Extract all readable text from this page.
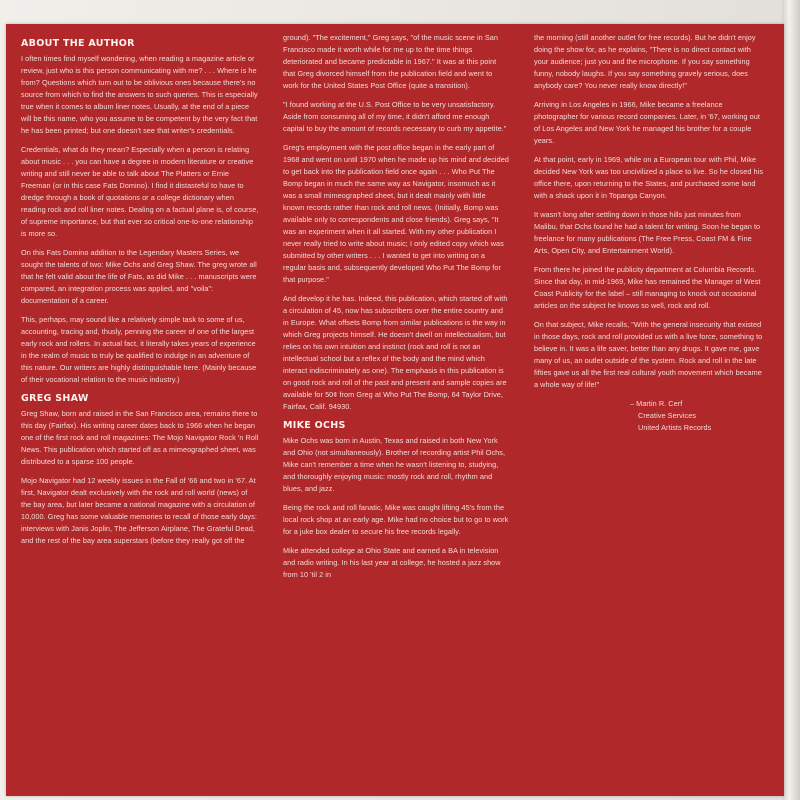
ABOUT THE AUTHOR

I often times find myself wondering, when reading a magazine article or review, just who is this person communicating with me? . . . Where is he from? Questions which turn out to be oblivious ones because there's no source from which to find the answers to such queries. This is especially true when it comes to album liner notes. Usually, at the end of a piece will be this name, who you assume to be competent by the very fact that he has been printed; but one doesn't see that writer's credentials.

Credentials, what do they mean? Especially when a person is relating about music . . . you can have a degree in modern literature or creative writing and still never be able to talk about The Platters or Ernie Freeman (or in this case Fats Domino). I find it distasteful to have to dredge through a book of quotations or a college dictionary when reading rock and roll liner notes. Dealing on a factual plane is, of course, of supreme importance, but that ever so critical one-to-one relationship is more so.

On this Fats Domino addition to the Legendary Masters Series, we sought the talents of two: Mike Ochs and Greg Shaw. The greg wrote all that he felt valid about the life of Fats, as did Mike . . . manuscripts were compared, an integration process was applied, and "voila": documentation of a career.

This, perhaps, may sound like a relatively simple task to some of us, accounting, tracing and, thusly, penning the career of one of the largest early rock and rollers. In actual fact, it literally takes years of experience in the realm of music to truly be qualified to indulge in an adventure of this nature. Our writers are highly distinguishable here. (Mainly because of their vocational relation to the music industry.)

GREG SHAW

Greg Shaw, born and raised in the San Francisco area, remains there to this day (Fairfax). His writing career dates back to 1966 when he began one of the first rock and roll magazines: The Mojo Navigator Rock 'n Roll News. This publication which started off as a mimeographed sheet, was distributed to a sparse 100 people.

Mojo Navigator had 12 weekly issues in the Fall of '66 and two in '67. At first, Navigator dealt exclusively with the rock and roll world (news) of the bay area, but later became a national magazine with a circulation of 10,000. Greg has some valuable memories to recall of those early days: interviews with Janis Joplin, The Jefferson Airplane, The Grateful Dead, and the rest of the bay area superstars (before they really got off the

ground). "The excitement," Greg says, "of the music scene in San Francisco made it worth while for me up to the time things deteriorated and became predictable in 1967." It was at this point that Greg divorced himself from the publication field and went to work for the United States Post Office (quite a transition).

"I found working at the U.S. Post Office to be very unsatisfactory. Aside from consuming all of my time, it didn't afford me enough capital to buy the amount of records necessary to curb my appetite."

Greg's employment with the post office began in the early part of 1968 and went on until 1970 when he made up his mind and decided to get back into the publication field once again . . . Who Put The Bomp began in much the same way as Navigator, insomuch as it was a small mimeographed sheet, but it dealt mainly with little known records rather than rock and roll news. (Initially, Bomp was available only to correspondents and close friends). Greg says, "It was an experiment when it all started. With my other publication I never really tried to write about music; I only edited copy which was submitted by other writers . . . I wanted to get into writing on a regular basis and, subsequently developed Who Put The Bomp for that purpose."

And develop it he has. Indeed, this publication, which started off with a circulation of 45, now has subscribers over the entire country and in Europe. What offsets Bomp from similar publications is the way in which Greg projects himself. He doesn't dwell on intellectualism, but relies on his own intuition and instinct (rock and roll is not an intellectual school but a reflex of the body and the mind which interact indiscriminately as one). The emphasis in this publication is on good rock and roll of the past and present and sample copies are available for 50¢ from Greg at Who Put The Bomp, 64 Taylor Drive, Fairfax, Calif. 94930.

MIKE OCHS

Mike Ochs was born in Austin, Texas and raised in both New York and Ohio (not simultaneously). Brother of recording artist Phil Ochs, Mike can't remember a time when he wasn't listening to, studying, and thoroughly enjoying music: mostly rock and roll, rhythm and blues, and jazz.

Being the rock and roll fanatic, Mike was caught lifting 45's from the local rock shop at an early age. Mike had no choice but to go to work for a juke box dealer to secure his free records legally.

Mike attended college at Ohio State and earned a BA in television and radio writing. In his last year at college, he hosted a jazz show from 10 'til 2 in

the morning (still another outlet for free records). But he didn't enjoy doing the show for, as he explains, "There is no direct contact with your audience; just you and the microphone. If you say something funny, nobody laughs. If you say something gravely serious, does anybody care? You never really know directly!"

Arriving in Los Angeles in 1966, Mike became a freelance photographer for various record companies. Later, in '67, working out of Los Angeles and New York he managed his brother for a couple years.

At that point, early in 1969, while on a European tour with Phil, Mike decided New York was too uncivilized a place to live. So he closed his office there, upon returning to the States, and purchased some land with a shack upon it in Topanga Canyon.

It wasn't long after settling down in those hills just minutes from Malibu, that Ochs found he had a talent for writing. Soon he began to freelance for many publications (The Free Press, Coast FM & Fine Arts, Open City, and Entertainment World).

From there he joined the publicity department at Columbia Records. Since that day, in mid-1969, Mike has remained the Manager of West Coast Publicity for the label – still managing to knock out occasional articles on the subject he knows so well, rock and roll.

On that subject, Mike recalls, "With the general insecurity that existed in those days, rock and roll provided us with a live force, something to believe in. It was a life saver, better than any drugs. It gave me, gave many of us, an outlet outside of the system. Rock and roll in the late fifties gave us all the first real cultural youth movement which became a whole way of life!"

– Martin R. Cerf
Creative Services
United Artists Records
